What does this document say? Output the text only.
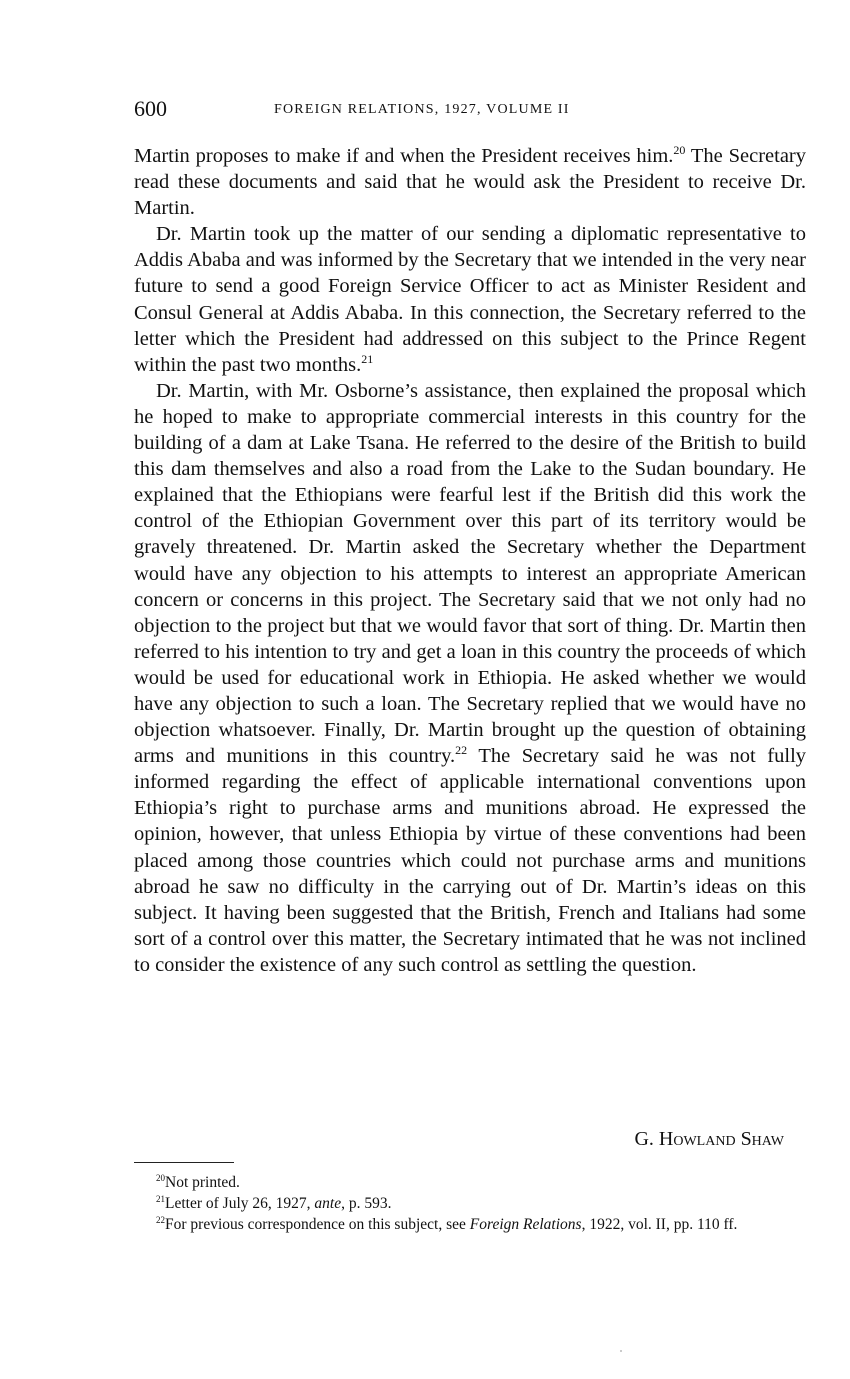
600	FOREIGN RELATIONS, 1927, VOLUME II

Martin proposes to make if and when the President receives him.$^{20}$ The Secretary read these documents and said that he would ask the President to receive Dr. Martin.

Dr. Martin took up the matter of our sending a diplomatic representative to Addis Ababa and was informed by the Secretary that we intended in the very near future to send a good Foreign Service Officer to act as Minister Resident and Consul General at Addis Ababa. In this connection, the Secretary referred to the letter which the President had addressed on this subject to the Prince Regent within the past two months.$^{21}$

Dr. Martin, with Mr. Osborne’s assistance, then explained the proposal which he hoped to make to appropriate commercial interests in this country for the building of a dam at Lake Tsana. He referred to the desire of the British to build this dam themselves and also a road from the Lake to the Sudan boundary. He explained that the Ethiopians were fearful lest if the British did this work the control of the Ethiopian Government over this part of its territory would be gravely threatened. Dr. Martin asked the Secretary whether the Department would have any objection to his attempts to interest an appropriate American concern or concerns in this project. The Secretary said that we not only had no objection to the project but that we would favor that sort of thing. Dr. Martin then referred to his intention to try and get a loan in this country the proceeds of which would be used for educational work in Ethiopia. He asked whether we would have any objection to such a loan. The Secretary replied that we would have no objection whatsoever. Finally, Dr. Martin brought up the question of obtaining arms and munitions in this country.$^{22}$ The Secretary said he was not fully informed regarding the effect of applicable international conventions upon Ethiopia’s right to purchase arms and munitions abroad. He expressed the opinion, however, that unless Ethiopia by virtue of these conventions had been placed among those countries which could not purchase arms and munitions abroad he saw no difficulty in the carrying out of Dr. Martin’s ideas on this subject. It having been suggested that the British, French and Italians had some sort of a control over this matter, the Secretary intimated that he was not inclined to consider the existence of any such control as settling the question.

G. Howland Shaw

$^{20}$Not printed.

$^{21}$Letter of July 26, 1927, ante, p. 593.

$^{22}$For previous correspondence on this subject, see Foreign Relations, 1922, vol. II, pp. 110 ff.
